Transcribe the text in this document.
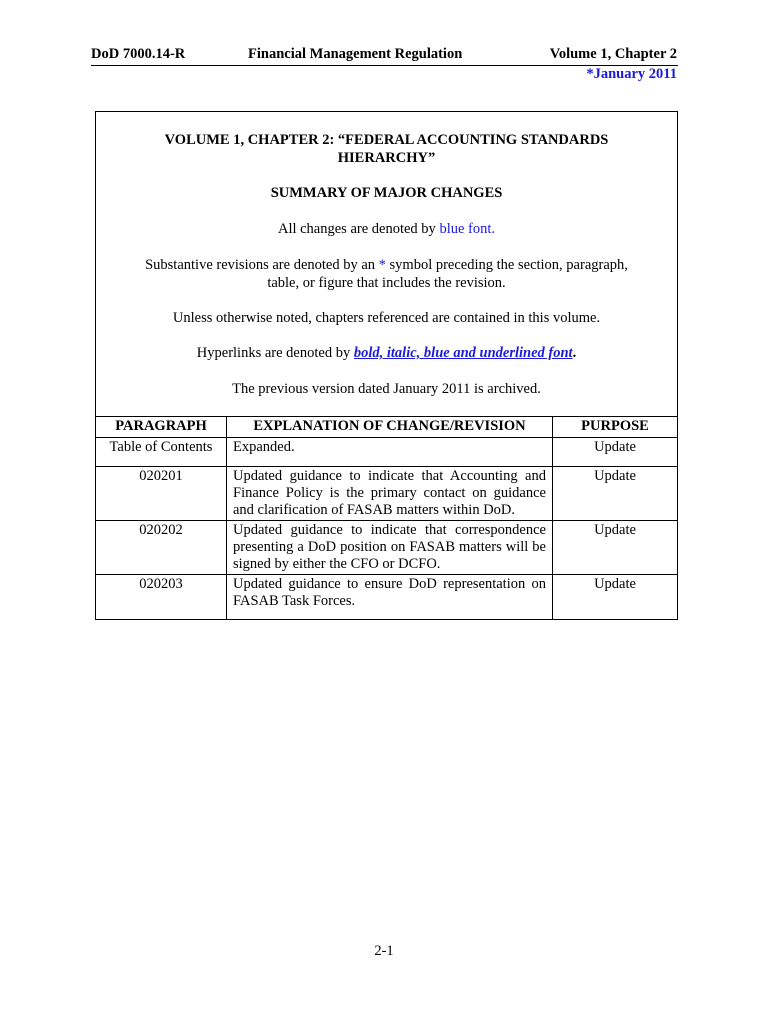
DoD 7000.14-R	Financial Management Regulation	Volume 1, Chapter 2
*January 2011

VOLUME 1, CHAPTER 2: “FEDERAL ACCOUNTING STANDARDS
HIERARCHY”

SUMMARY OF MAJOR CHANGES

All changes are denoted by blue font.

Substantive revisions are denoted by an * symbol preceding the section, paragraph,
table, or figure that includes the revision.

Unless otherwise noted, chapters referenced are contained in this volume.

Hyperlinks are denoted by bold, italic, blue and underlined font.

The previous version dated January 2011 is archived.

PARAGRAPH	EXPLANATION OF CHANGE/REVISION	PURPOSE
Table of Contents	Expanded.	Update
020201	Updated guidance to indicate that Accounting and Finance Policy is the primary contact on guidance and clarification of FASAB matters within DoD.	Update
020202	Updated guidance to indicate that correspondence presenting a DoD position on FASAB matters will be signed by either the CFO or DCFO.	Update
020203	Updated guidance to ensure DoD representation on FASAB Task Forces.	Update
2-1
